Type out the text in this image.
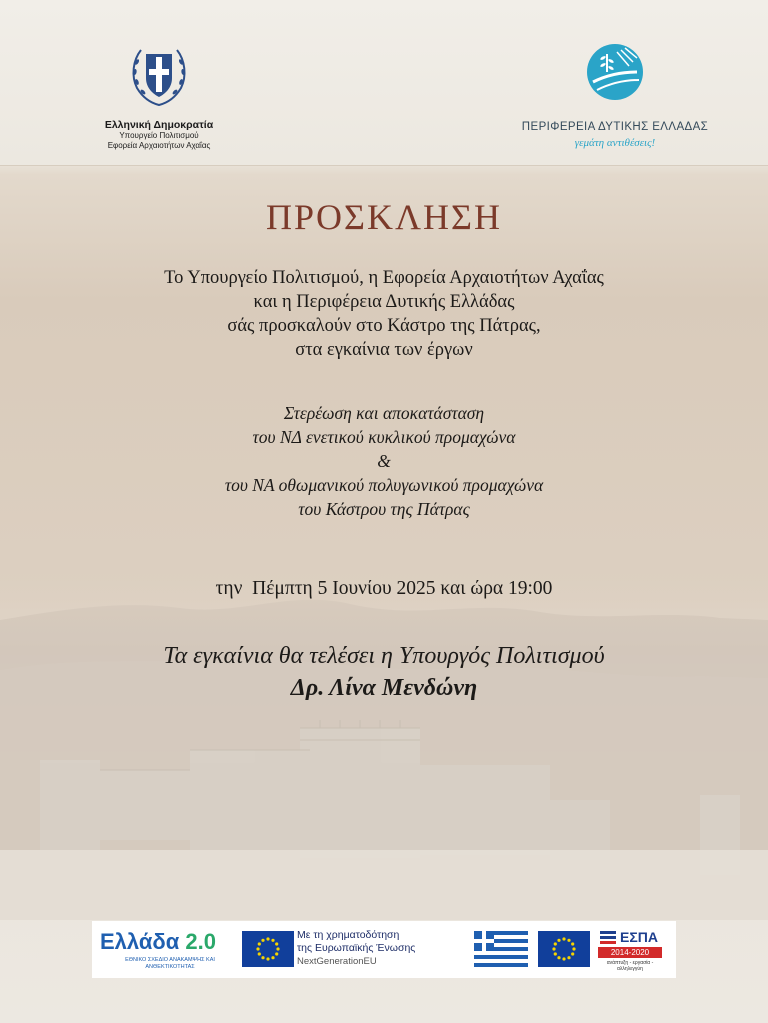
Ελληνική Δημοκρατία
Υπουργείο Πολιτισμού
Εφορεία Αρχαιοτήτων Αχαΐας
ΠΕΡΙΦΕΡΕΙΑ ΔΥΤΙΚΗΣ ΕΛΛΑΔΑΣ
γεμάτη αντιθέσεις!
ΠΡΟΣΚΛΗΣΗ
Το Υπουργείο Πολιτισμού, η Εφορεία Αρχαιοτήτων Αχαΐας
και η Περιφέρεια Δυτικής Ελλάδας
σάς προσκαλούν στο Κάστρο της Πάτρας,
στα εγκαίνια των έργων
Στερέωση και αποκατάσταση
του ΝΔ ενετικού κυκλικού προμαχώνα
&
του ΝΑ οθωμανικού πολυγωνικού προμαχώνα
του Κάστρου της Πάτρας
την  Πέμπτη 5 Ιουνίου 2025 και ώρα 19:00
Τα εγκαίνια θα τελέσει η Υπουργός Πολιτισμού
Δρ. Λίνα Μενδώνη
Ελλάδα 2.0
ΕΘΝΙΚΟ ΣΧΕΔΙΟ ΑΝΑΚΑΜΨΗΣ ΚΑΙ ΑΝΘΕΚΤΙΚΟΤΗΤΑΣ
Με τη χρηματοδότηση
της Ευρωπαϊκής Ένωσης
NextGenerationEU
ΕΣΠΑ
2014-2020
ανάπτυξη - εργασία - αλληλεγγύη
